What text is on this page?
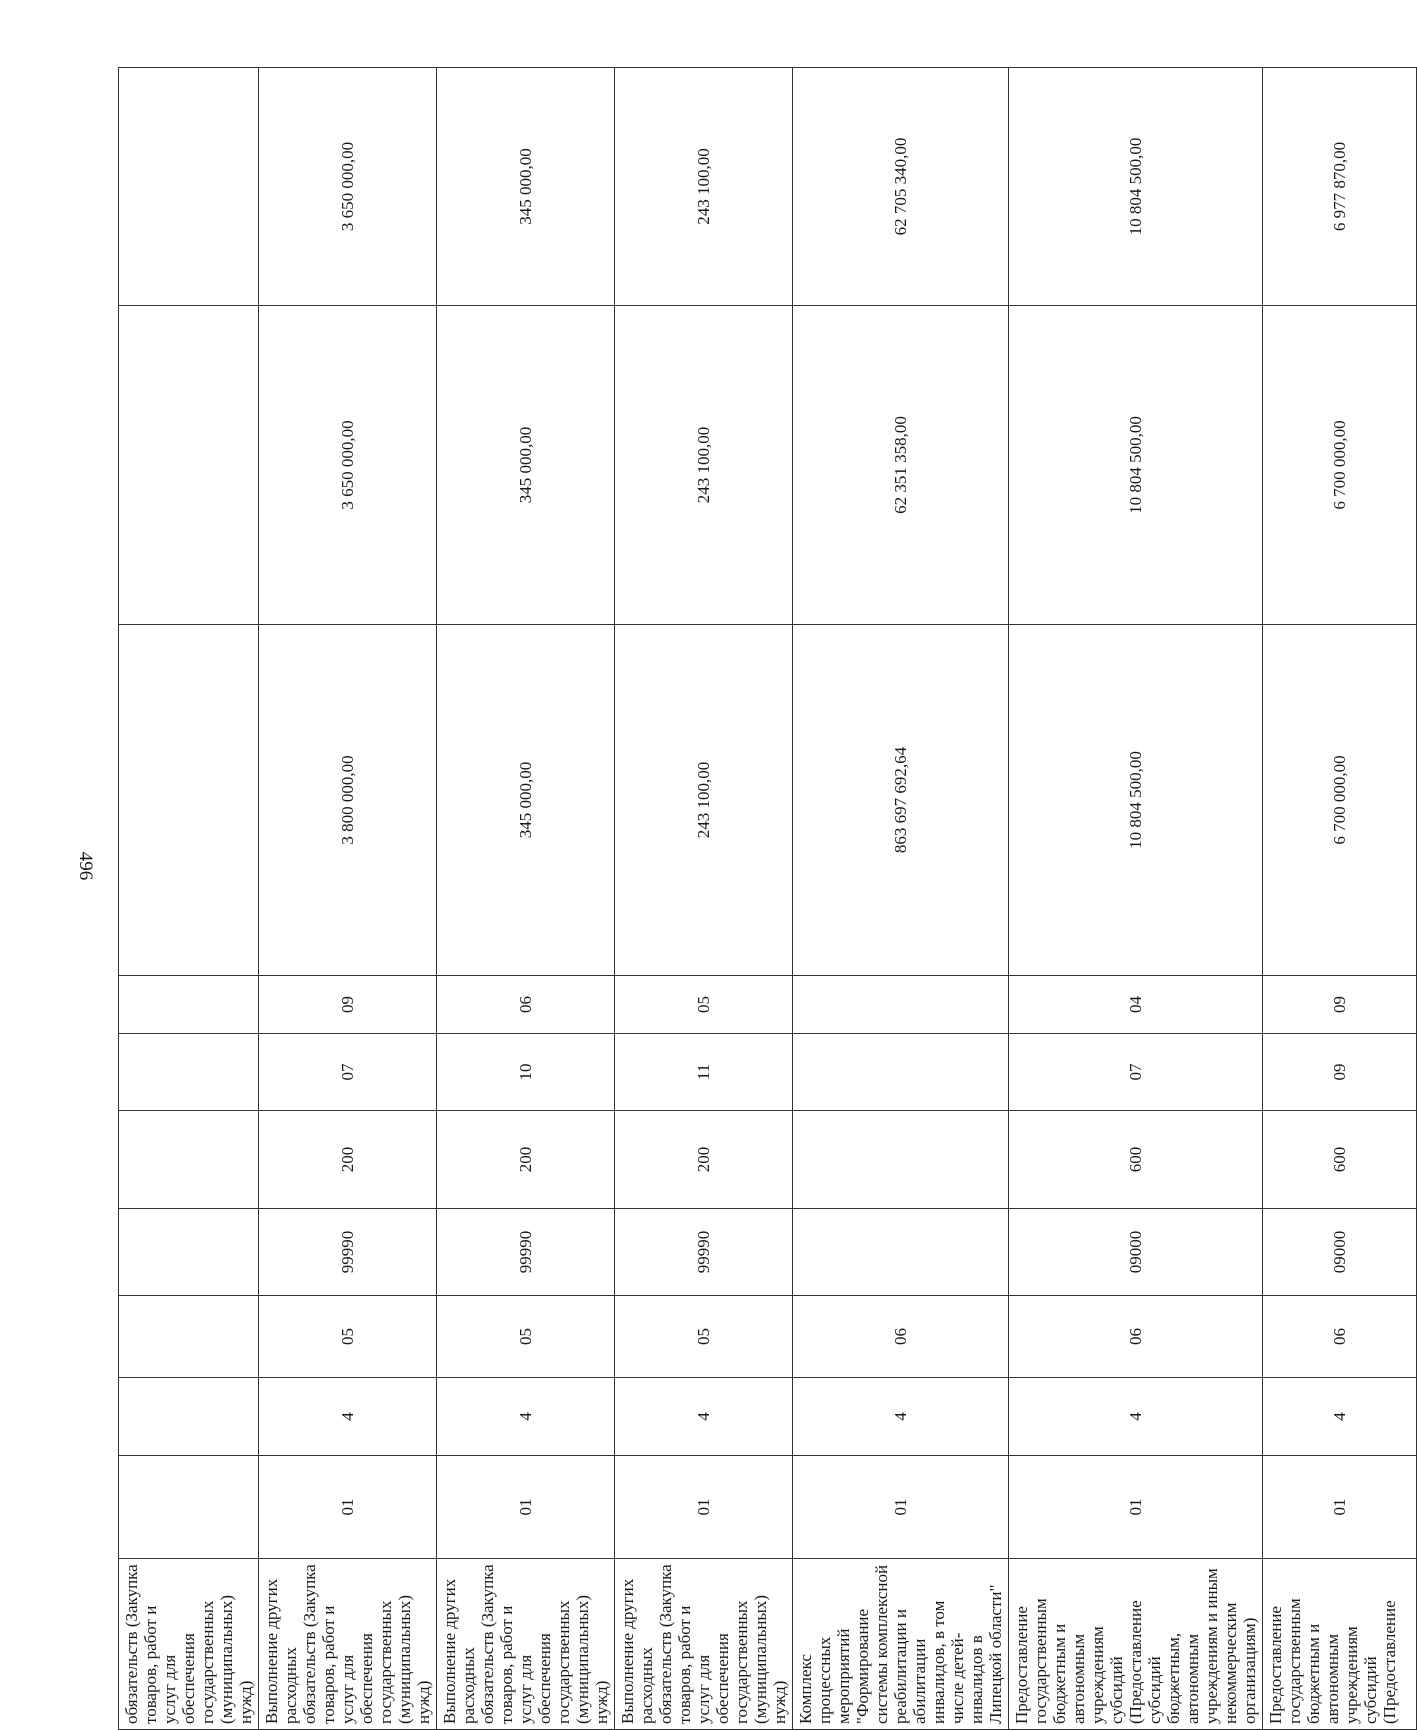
496
обязательств (Закупка товаров, работ и услуг для обеспечения государственных (муниципальных) нужд)										
Выполнение других расходных обязательств (Закупка товаров, работ и услуг для обеспечения государственных (муниципальных) нужд)	01	4	05	99990	200	07	09	3 800 000,00	3 650 000,00	3 650 000,00
Выполнение других расходных обязательств (Закупка товаров, работ и услуг для обеспечения государственных (муниципальных) нужд)	01	4	05	99990	200	10	06	345 000,00	345 000,00	345 000,00
Выполнение других расходных обязательств (Закупка товаров, работ и услуг для обеспечения государственных (муниципальных) нужд)	01	4	05	99990	200	11	05	243 100,00	243 100,00	243 100,00
Комплекс процессных мероприятий "Формирование системы комплексной реабилитации и абилитации инвалидов, в том числе детей-инвалидов в Липецкой области"	01	4	06					863 697 692,64	62 351 358,00	62 705 340,00
Предоставление государственным бюджетным и автономным учреждениям субсидий (Предоставление субсидий бюджетным, автономным учреждениям и иным некоммерческим организациям)	01	4	06	09000	600	07	04	10 804 500,00	10 804 500,00	10 804 500,00
Предоставление государственным бюджетным и автономным учреждениям субсидий (Предоставление	01	4	06	09000	600	09	09	6 700 000,00	6 700 000,00	6 977 870,00
